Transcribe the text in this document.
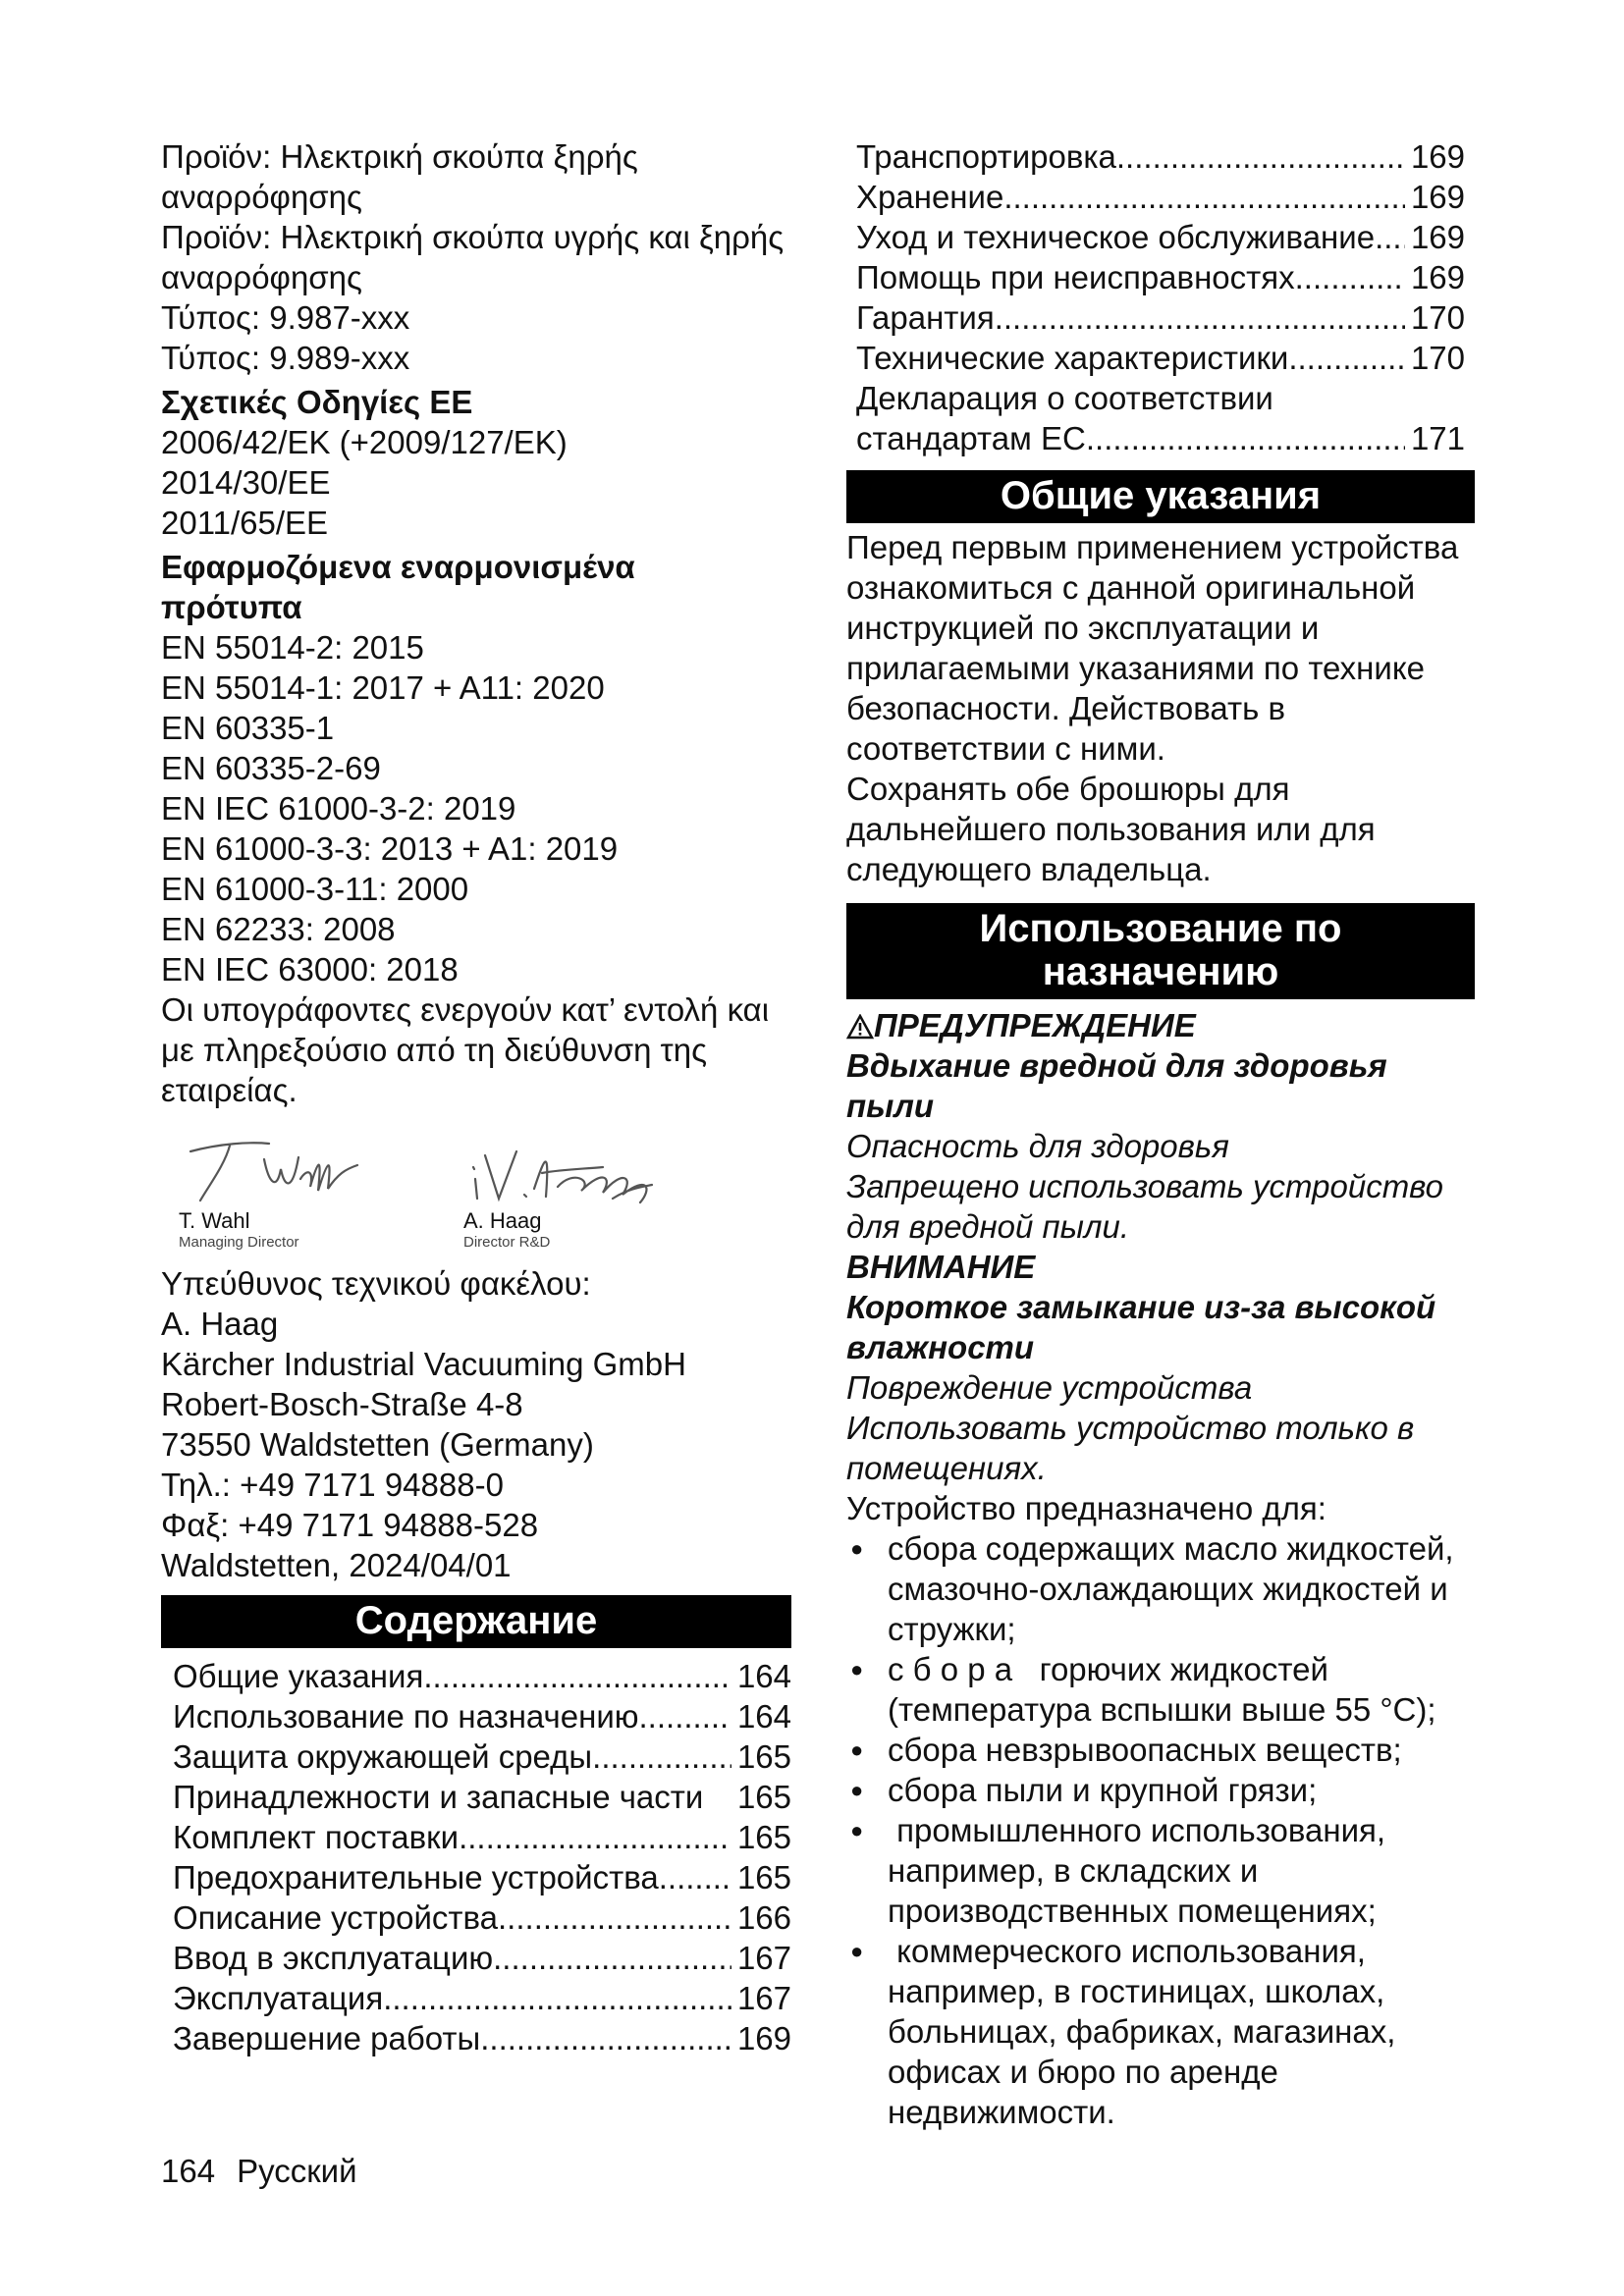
Προϊόν: Ηλεκτρική σκούπα ξηρής
αναρρόφησης
Προϊόν: Ηλεκτρική σκούπα υγρής και ξηρής
αναρρόφησης
Τύπος: 9.987-xxx
Τύπος: 9.989-xxx
Σχετικές Οδηγίες ΕΕ
2006/42/EK (+2009/127/EK)
2014/30/EE
2011/65/EE
Εφαρμοζόμενα εναρμονισμένα
πρότυπα
EN 55014-2: 2015
EN 55014-1: 2017 + A11: 2020
EN 60335-1
EN 60335-2-69
EN IEC 61000-3-2: 2019
EN 61000-3-3: 2013 + A1: 2019
EN 61000-3-11: 2000
EN 62233: 2008
EN IEC 63000: 2018
Οι υπογράφοντες ενεργούν κατ’ εντολή και
με πληρεξούσιο από τη διεύθυνση της
εταιρείας.
T. Wahl
Managing Director
A. Haag
Director R&D
Υπεύθυνος τεχνικού φακέλου:
A. Haag
Kärcher Industrial Vacuuming GmbH
Robert-Bosch-Straße 4-8
73550 Waldstetten (Germany)
Τηλ.: +49 7171 94888-0
Φαξ: +49 7171 94888-528
Waldstetten, 2024/04/01
Содержание
Общие указания .....	164
Использование по назначению .....	164
Защита окружающей среды .....	165
Принадлежности и запасные части 165
Комплект поставки .....	165
Предохранительные устройства ..... 165
Описание устройства .....	166
Ввод в эксплуатацию .....	167
Эксплуатация .....	167
Завершение работы .....	169
Транспортировка .....	169
Хранение .....	169
Уход и техническое обслуживание ..... 169
Помощь при неисправностях .....	169
Гарантия .....	170
Технические характеристики .....	170
Декларация о соответствии
стандартам ЕС .....	171
Общие указания
Перед первым применением устройства
ознакомиться с данной оригинальной
инструкцией по эксплуатации и
прилагаемыми указаниями по технике
безопасности. Действовать в
соответствии с ними.
Сохранять обе брошюры для
дальнейшего пользования или для
следующего владельца.
Использование по
назначению
ПРЕДУПРЕЖДЕНИЕ
Вдыхание вредной для здоровья
пыли
Опасность для здоровья
Запрещено использовать устройство
для вредной пыли.
ВНИМАНИЕ
Короткое замыкание из-за высокой
влажности
Повреждение устройства
Использовать устройство только в
помещениях.
Устройство предназначено для:
● сбора содержащих масло жидкостей,
смазочно-охлаждающих жидкостей и
стружки;
● с б о р а   горючих жидкостей
(температура вспышки выше 55 °C);
● сбора невзрывоопасных веществ;
● сбора пыли и крупной грязи;
●  промышленного использования,
например, в складских и
производственных помещениях;
●  коммерческого использования,
например, в гостиницах, школах,
больницах, фабриках, магазинах,
офисах и бюро по аренде
недвижимости.
164 Русский
